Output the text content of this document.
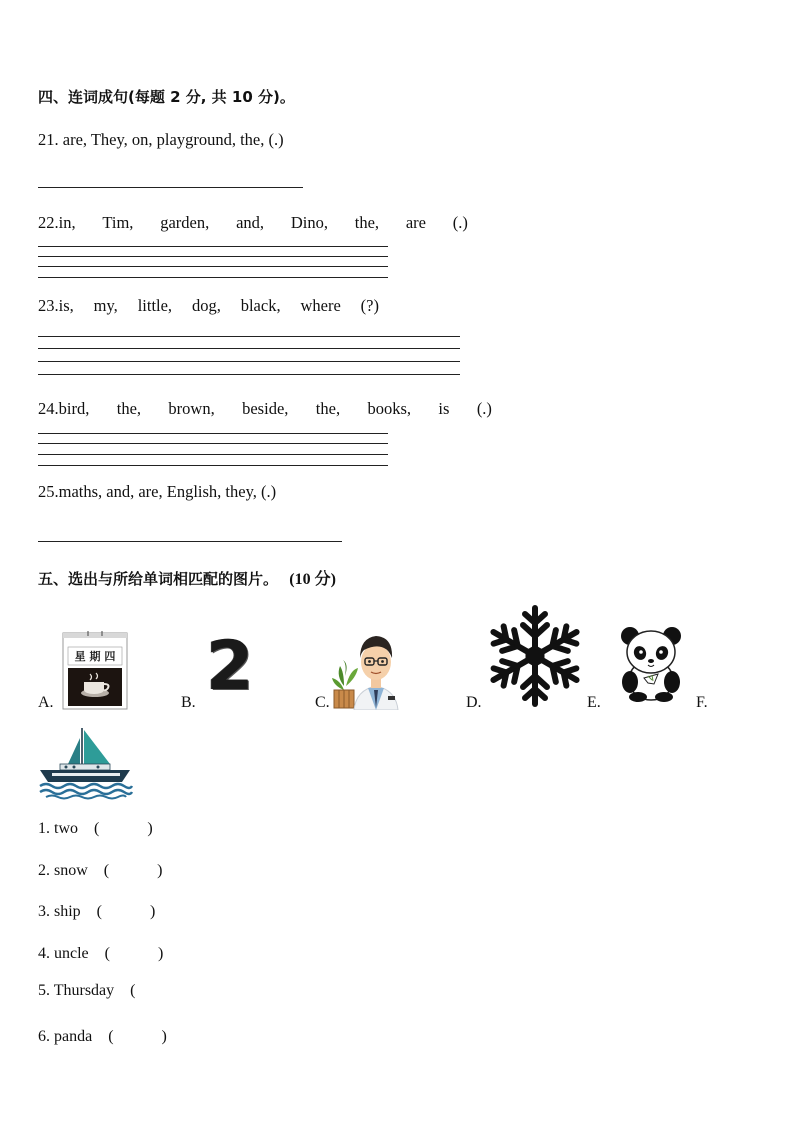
四、连词成句(每题 2 分, 共 10 分)。
21. are, They, on, playground, the, (.)
22.in, Tim, garden, and, Dino, the, are (.)
23.is, my, little, dog, black, where (?)
24.bird, the, brown, beside, the, books, is (.)
25.maths, and, are, English, they, (.)
五、选出与所给单词相匹配的图片。 (10 分)
A.	B.	C.	D.	E.	F.
星 期 四 2
1. two (　　　)
2. snow (　　　)
3. ship (　　　)
4. uncle (　　　)
5. Thursday (
6. panda (　　　)
